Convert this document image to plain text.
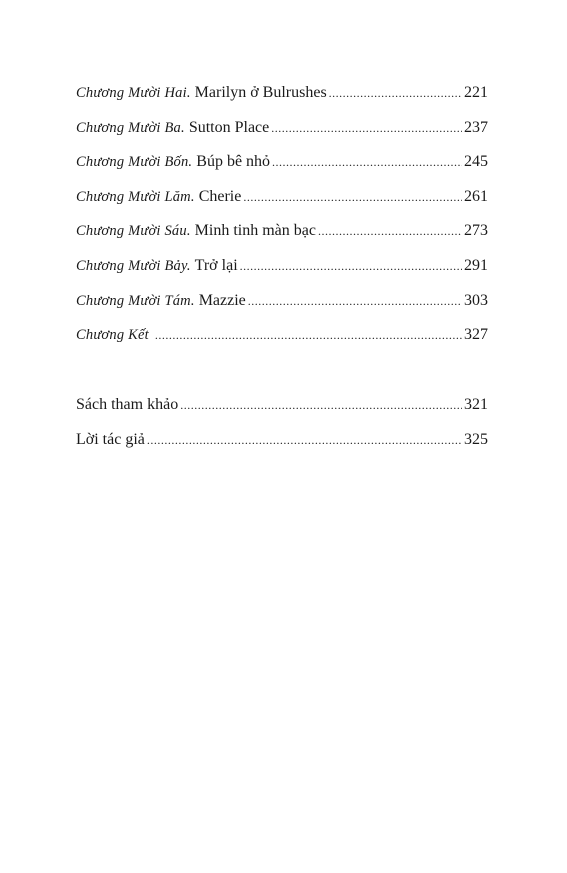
Chương Mười Hai. Marilyn ở Bulrushes .....	221
Chương Mười Ba. Sutton Place .....	237
Chương Mười Bốn. Búp bê nhỏ .....	245
Chương Mười Lăm. Cherie .....	261
Chương Mười Sáu. Minh tinh màn bạc .....	273
Chương Mười Bảy. Trở lại .....	291
Chương Mười Tám. Mazzie .....	303
Chương Kết .....	327
Sách tham khảo .....	321
Lời tác giả .....	325
